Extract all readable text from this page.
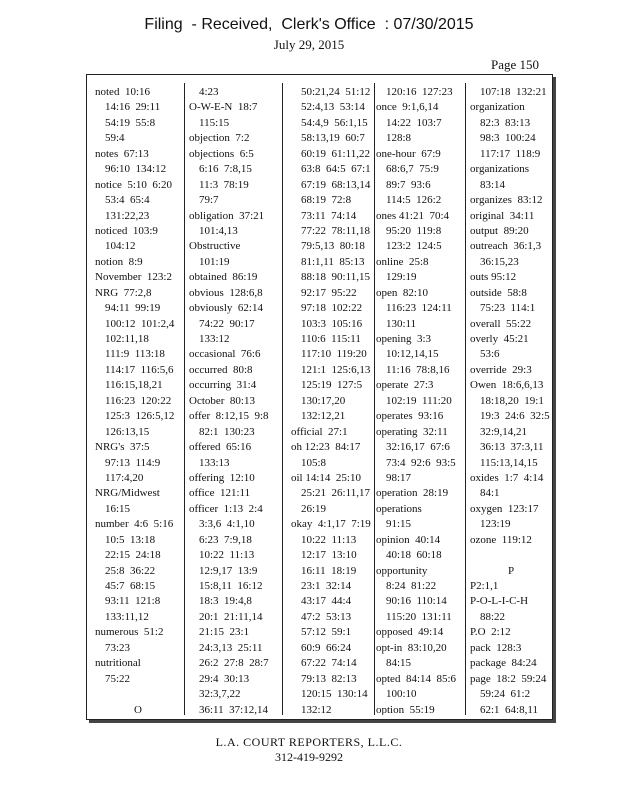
Filing  - Received,  Clerk's Office  : 07/30/2015
July 29, 2015
Page 150
noted  10:16
14:16  29:11
54:19  55:8
59:4
notes  67:13
96:10  134:12
notice  5:10  6:20
53:4  65:4
131:22,23
noticed  103:9
104:12
notion  8:9
November  123:2
NRG  77:2,8
94:11  99:19
100:12  101:2,4
102:11,18
111:9  113:18
114:17  116:5,6
116:15,18,21
116:23  120:22
125:3  126:5,12
126:13,15
NRG's  37:5
97:13  114:9
117:4,20
NRG/Midwest
16:15
number  4:6  5:16
10:5  13:18
22:15  24:18
25:8  36:22
45:7  68:15
93:11  121:8
133:11,12
numerous  51:2
73:23
nutritional
75:22
O
4:23
O-W-E-N  18:7
115:15
objection  7:2
objections  6:5
6:16  7:8,15
11:3  78:19
79:7
obligation  37:21
101:4,13
Obstructive
101:19
obtained  86:19
obvious  128:6,8
obviously  62:14
74:22  90:17
133:12
occasional  76:6
occurred  80:8
occurring  31:4
October  80:13
offer  8:12,15  9:8
82:1  130:23
offered  65:16
133:13
offering  12:10
office  121:11
officer  1:13  2:4
3:3,6  4:1,10
6:23  7:9,18
10:22  11:13
12:9,17  13:9
15:8,11  16:12
18:3  19:4,8
20:1  21:11,14
21:15  23:1
24:3,13  25:11
26:2  27:8  28:7
29:4  30:13
32:3,7,22
36:11  37:12,14
50:21,24  51:12
52:4,13  53:14
54:4,9  56:1,15
58:13,19  60:7
60:19  61:11,22
63:8  64:5  67:1
67:19  68:13,14
68:19  72:8
73:11  74:14
77:22  78:11,18
79:5,13  80:18
81:1,11  85:13
88:18  90:11,15
92:17  95:22
97:18  102:22
103:3  105:16
110:6  115:11
117:10  119:20
121:1  125:6,13
125:19  127:5
130:17,20
132:12,21
official  27:1
oh 12:23  84:17
105:8
oil 14:14  25:10
25:21  26:11,17
26:19
okay  4:1,17  7:19
10:22  11:13
12:17  13:10
16:11  18:19
23:1  32:14
43:17  44:4
47:2  53:13
57:12  59:1
60:9  66:24
67:22  74:14
79:13  82:13
120:15  130:14
132:12
120:16  127:23
once  9:1,6,14
14:22  103:7
128:8
one-hour  67:9
68:6,7  75:9
89:7  93:6
114:5  126:2
ones 41:21  70:4
95:20  119:8
123:2  124:5
online  25:8
129:19
open  82:10
116:23  124:11
130:11
opening  3:3
10:12,14,15
11:16  78:8,16
operate  27:3
102:19  111:20
operates  93:16
operating  32:11
32:16,17  67:6
73:4  92:6  93:5
98:17
operation  28:19
operations
91:15
opinion  40:14
40:18  60:18
opportunity
8:24  81:22
90:16  110:14
115:20  131:11
opposed  49:14
opt-in  83:10,20
84:15
opted  84:14  85:6
100:10
option  55:19
107:18  132:21
organization
82:3  83:13
98:3  100:24
117:17  118:9
organizations
83:14
organizes  83:12
original  34:11
output  89:20
outreach  36:1,3
36:15,23
outs 95:12
outside  58:8
75:23  114:1
overall  55:22
overly  45:21
53:6
override  29:3
Owen  18:6,6,13
18:18,20  19:1
19:3  24:6  32:5
32:9,14,21
36:13  37:3,11
115:13,14,15
oxides  1:7  4:14
84:1
oxygen  123:17
123:19
ozone  119:12
P
P2:1,1
P-O-L-I-C-H
88:22
P.O  2:12
pack  128:3
package  84:24
page  18:2  59:24
59:24  61:2
62:1  64:8,11
L.A. COURT REPORTERS, L.L.C.
312-419-9292
